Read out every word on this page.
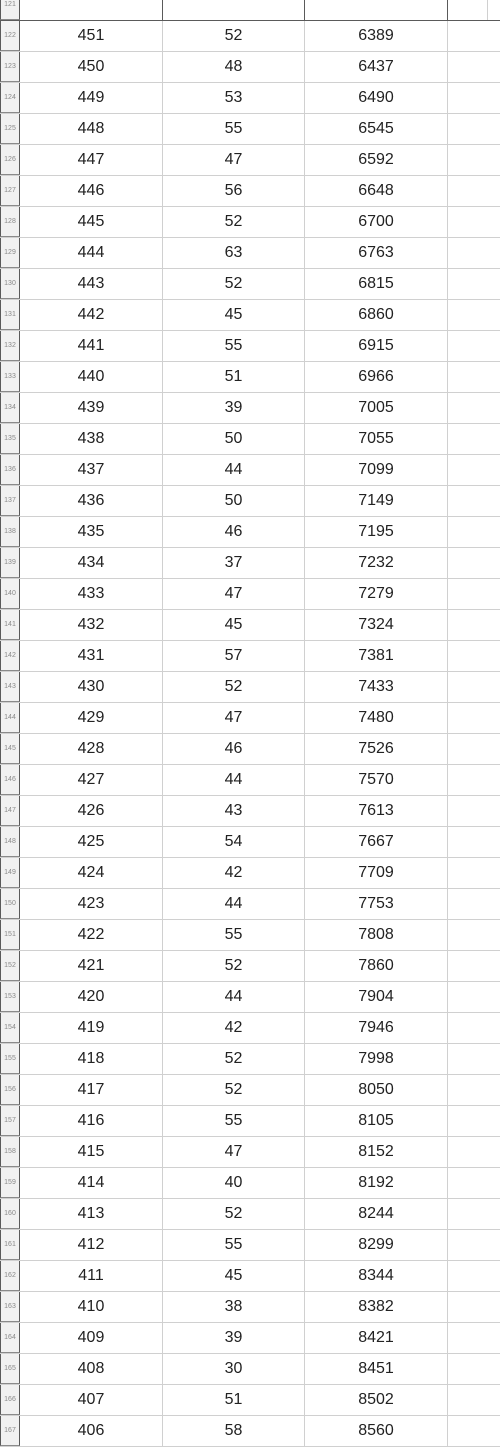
121
122	451	52	6389
123	450	48	6437
124	449	53	6490
125	448	55	6545
126	447	47	6592
127	446	56	6648
128	445	52	6700
129	444	63	6763
130	443	52	6815
131	442	45	6860
132	441	55	6915
133	440	51	6966
134	439	39	7005
135	438	50	7055
136	437	44	7099
137	436	50	7149
138	435	46	7195
139	434	37	7232
140	433	47	7279
141	432	45	7324
142	431	57	7381
143	430	52	7433
144	429	47	7480
145	428	46	7526
146	427	44	7570
147	426	43	7613
148	425	54	7667
149	424	42	7709
150	423	44	7753
151	422	55	7808
152	421	52	7860
153	420	44	7904
154	419	42	7946
155	418	52	7998
156	417	52	8050
157	416	55	8105
158	415	47	8152
159	414	40	8192
160	413	52	8244
161	412	55	8299
162	411	45	8344
163	410	38	8382
164	409	39	8421
165	408	30	8451
166	407	51	8502
167	406	58	8560
